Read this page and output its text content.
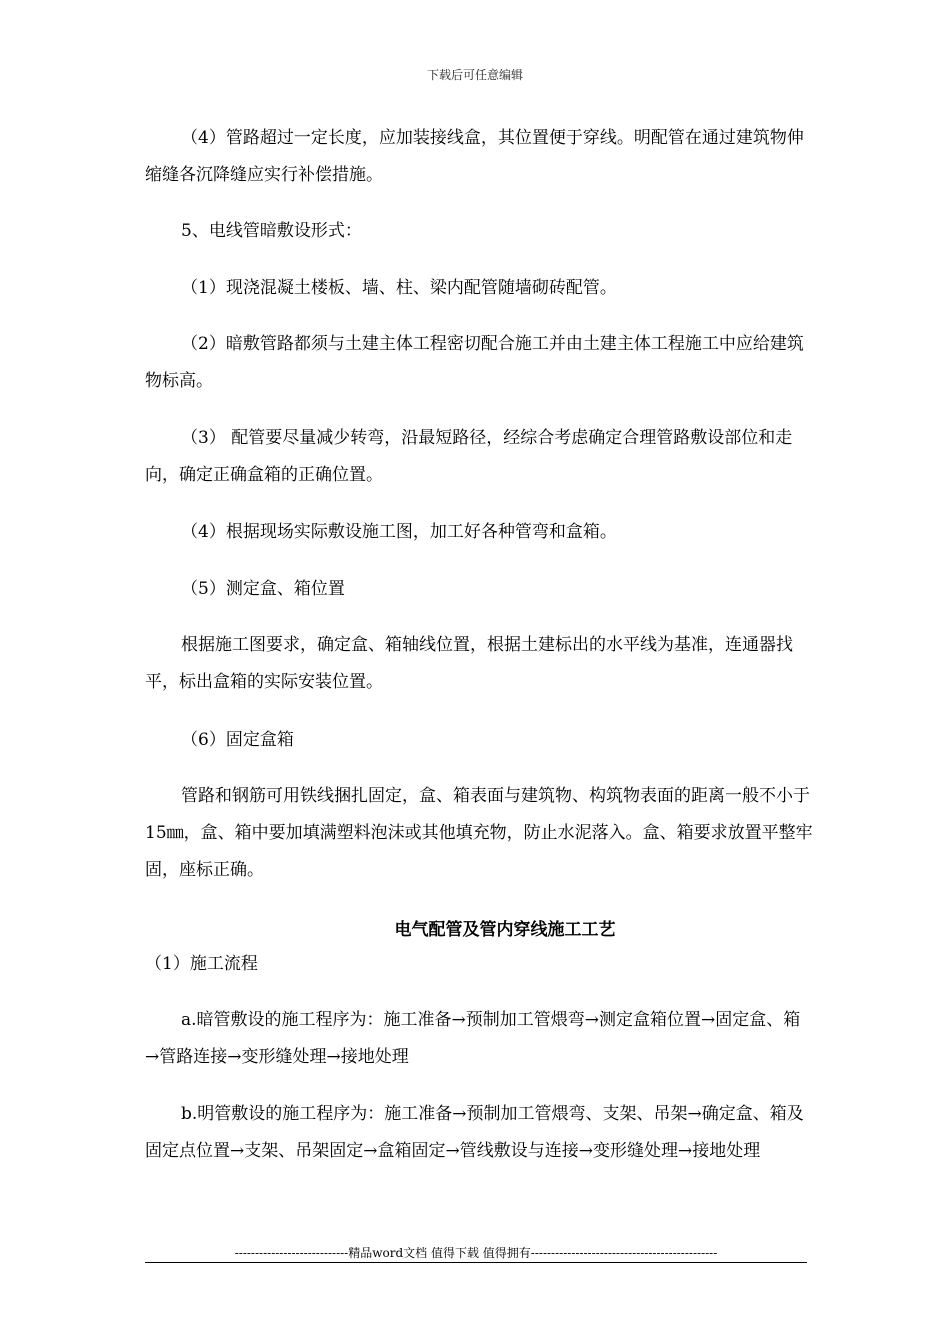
下载后可任意编辑

（4）管路超过一定长度，应加装接线盒，其位置便于穿线。明配管在通过建筑物伸缩缝各沉降缝应实行补偿措施。

5、电线管暗敷设形式：

（1）现浇混凝土楼板、墙、柱、梁内配管随墙砌砖配管。

（2）暗敷管路都须与土建主体工程密切配合施工并由土建主体工程施工中应给建筑物标高。

（3） 配管要尽量减少转弯，沿最短路径，经综合考虑确定合理管路敷设部位和走向，确定正确盒箱的正确位置。

（4）根据现场实际敷设施工图，加工好各种管弯和盒箱。

（5）测定盒、箱位置

根据施工图要求，确定盒、箱轴线位置，根据土建标出的水平线为基准，连通器找平，标出盒箱的实际安装位置。

（6）固定盒箱

管路和钢筋可用铁线捆扎固定，盒、箱表面与建筑物、构筑物表面的距离一般不小于15㎜，盒、箱中要加填满塑料泡沫或其他填充物，防止水泥落入。盒、箱要求放置平整牢固，座标正确。

电气配管及管内穿线施工工艺

（1）施工流程

a.暗管敷设的施工程序为：施工准备→预制加工管煨弯→测定盒箱位置→固定盒、箱→管路连接→变形缝处理→接地处理

b.明管敷设的施工程序为：施工准备→预制加工管煨弯、支架、吊架→确定盒、箱及固定点位置→支架、吊架固定→盒箱固定→管线敷设与连接→变形缝处理→接地处理

----------------------------精品word文档 值得下载 值得拥有----------------------------------------------
